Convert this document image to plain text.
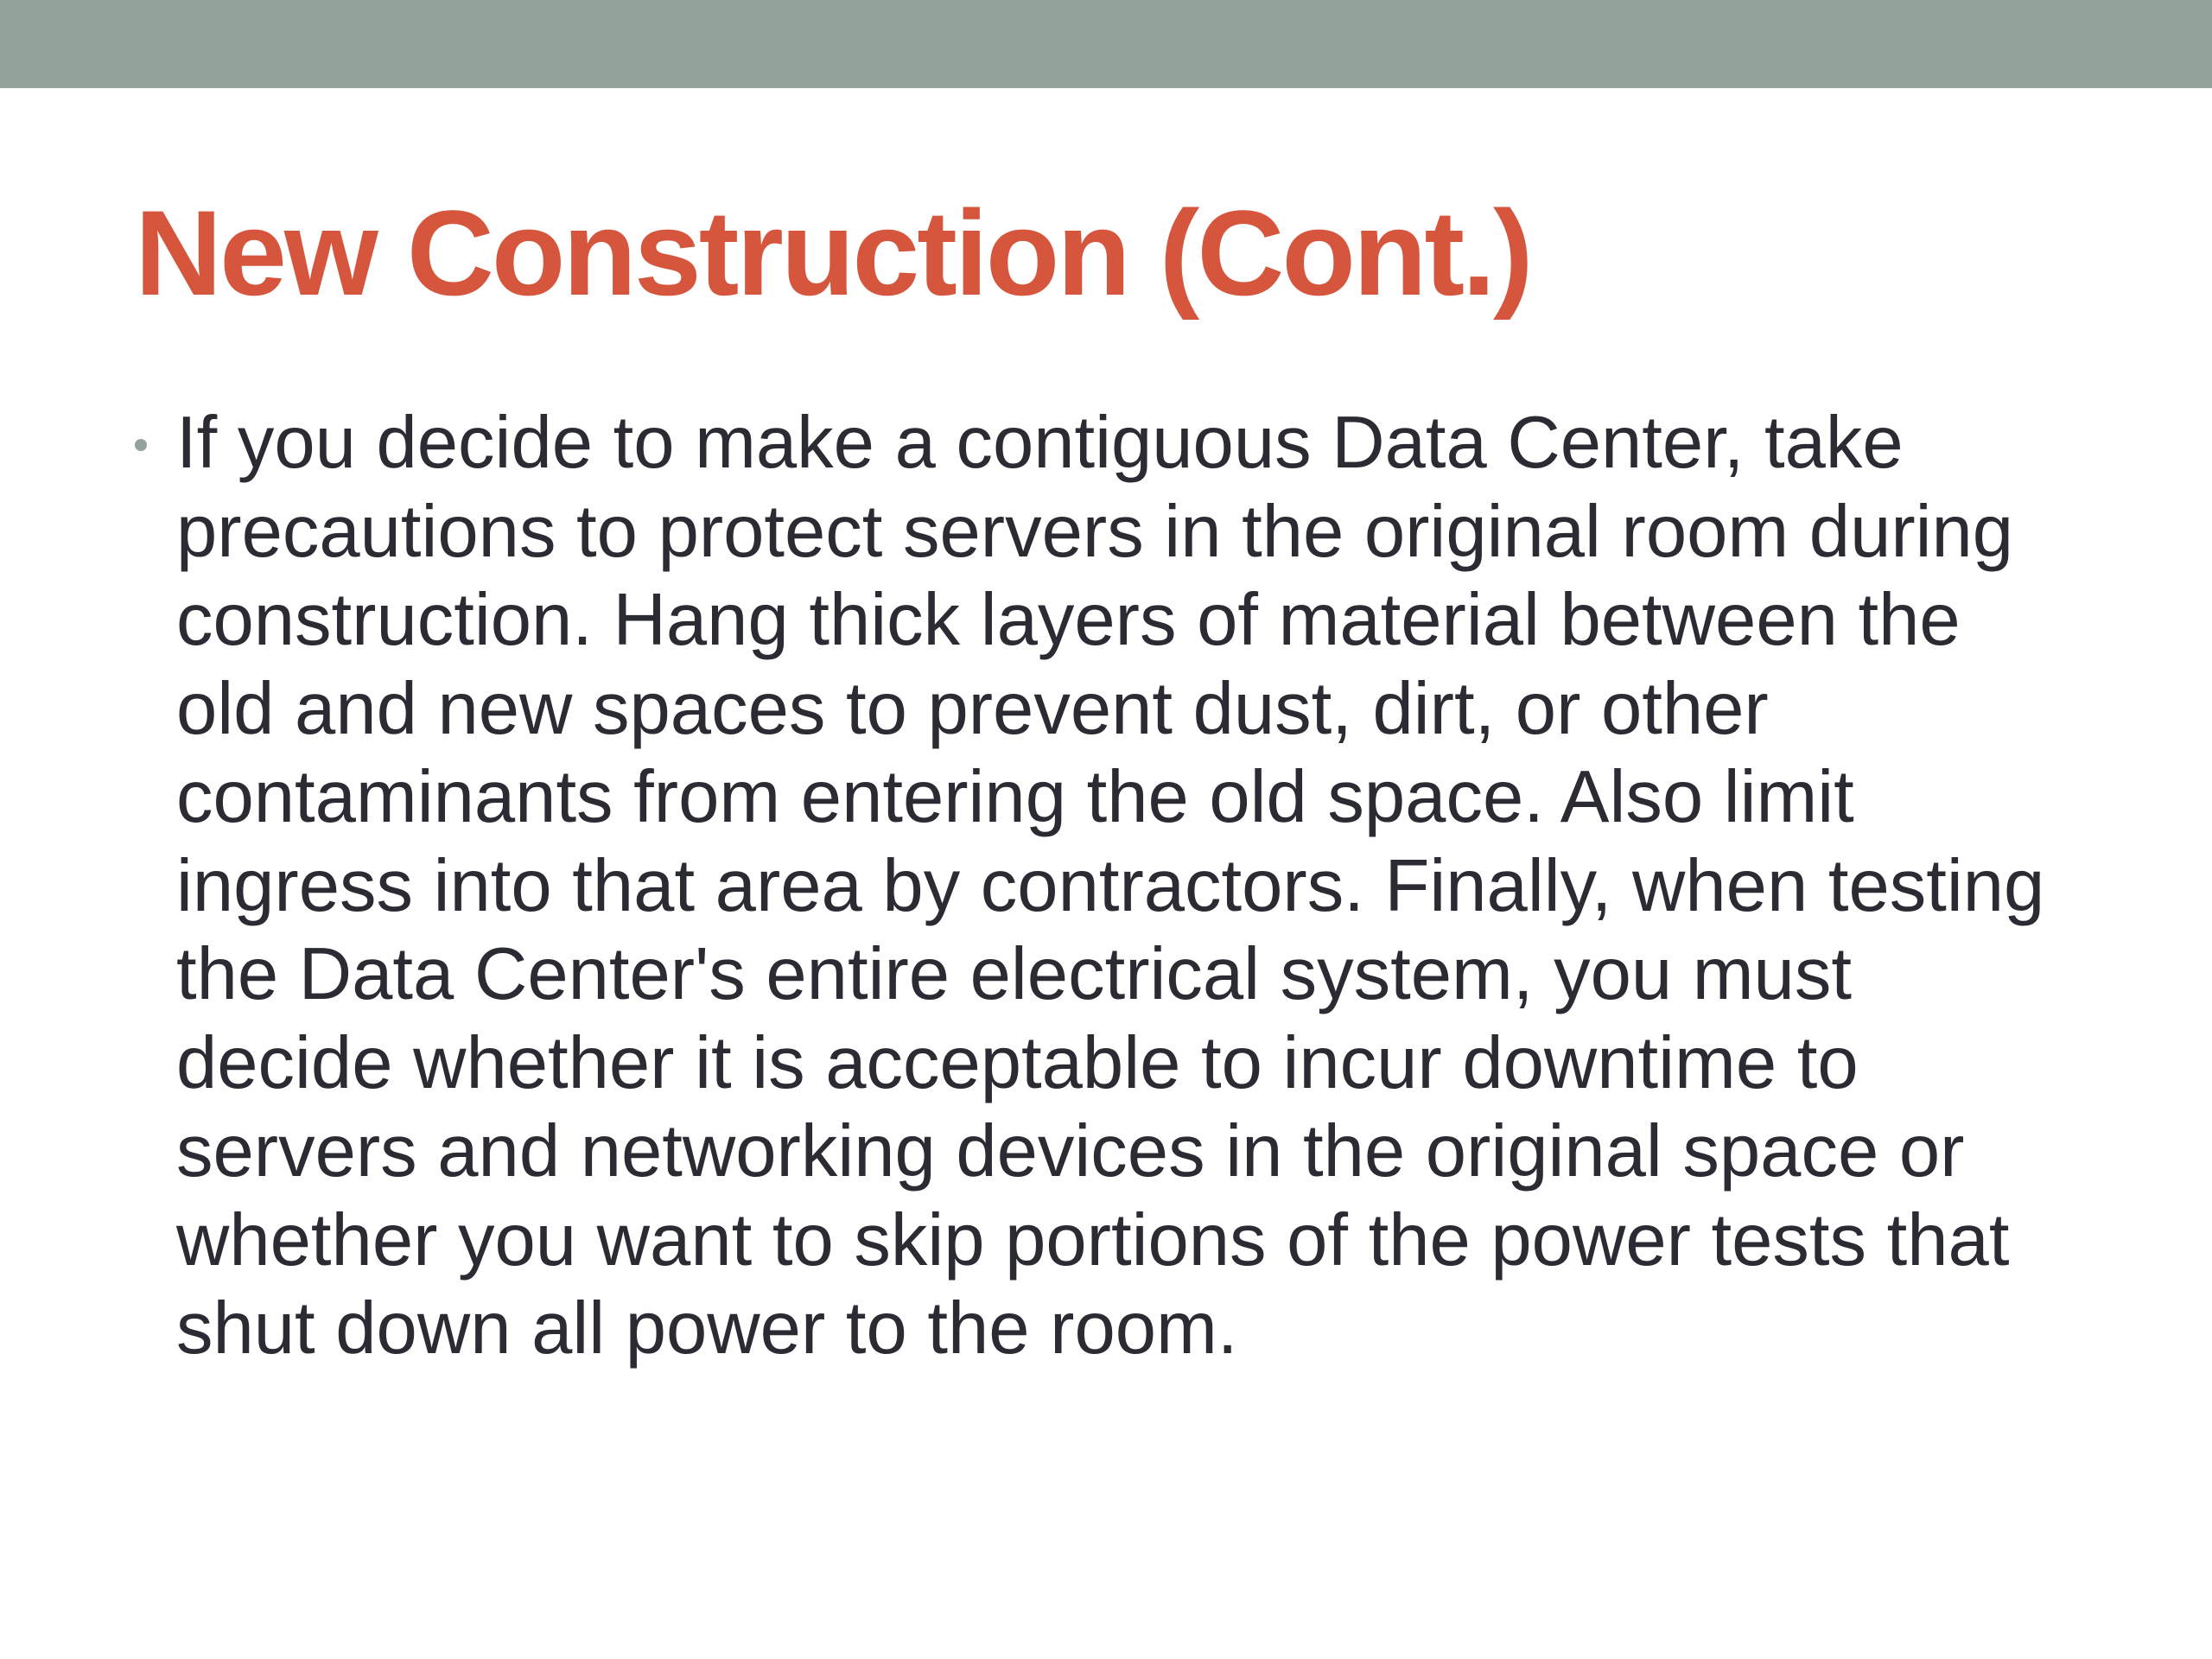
New Construction (Cont.)
If you decide to make a contiguous Data Center, take
precautions to protect servers in the original room during
construction. Hang thick layers of material between the
old and new spaces to prevent dust, dirt, or other
contaminants from entering the old space. Also limit
ingress into that area by contractors. Finally, when testing
the Data Center's entire electrical system, you must
decide whether it is acceptable to incur downtime to
servers and networking devices in the original space or
whether you want to skip portions of the power tests that
shut down all power to the room.
